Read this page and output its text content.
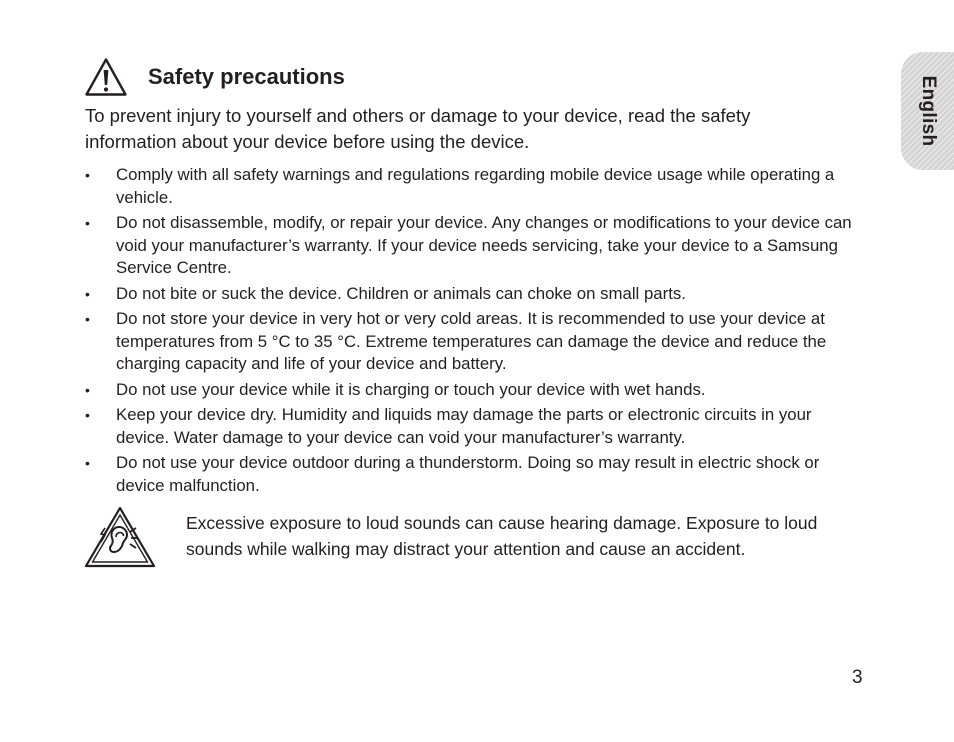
English
Safety precautions

To prevent injury to yourself and others or damage to your device, read the safety information about your device before using the device.

•	Comply with all safety warnings and regulations regarding mobile device usage while operating a vehicle.
•	Do not disassemble, modify, or repair your device. Any changes or modifications to your device can void your manufacturer’s warranty. If your device needs servicing, take your device to a Samsung Service Centre.
•	Do not bite or suck the device. Children or animals can choke on small parts.
•	Do not store your device in very hot or very cold areas. It is recommended to use your device at temperatures from 5 °C to 35 °C. Extreme temperatures can damage the device and reduce the charging capacity and life of your device and battery.
•	Do not use your device while it is charging or touch your device with wet hands.
•	Keep your device dry. Humidity and liquids may damage the parts or electronic circuits in your device. Water damage to your device can void your manufacturer’s warranty.
•	Do not use your device outdoor during a thunderstorm. Doing so may result in electric shock or device malfunction.

Excessive exposure to loud sounds can cause hearing damage. Exposure to loud sounds while walking may distract your attention and cause an accident.

3
